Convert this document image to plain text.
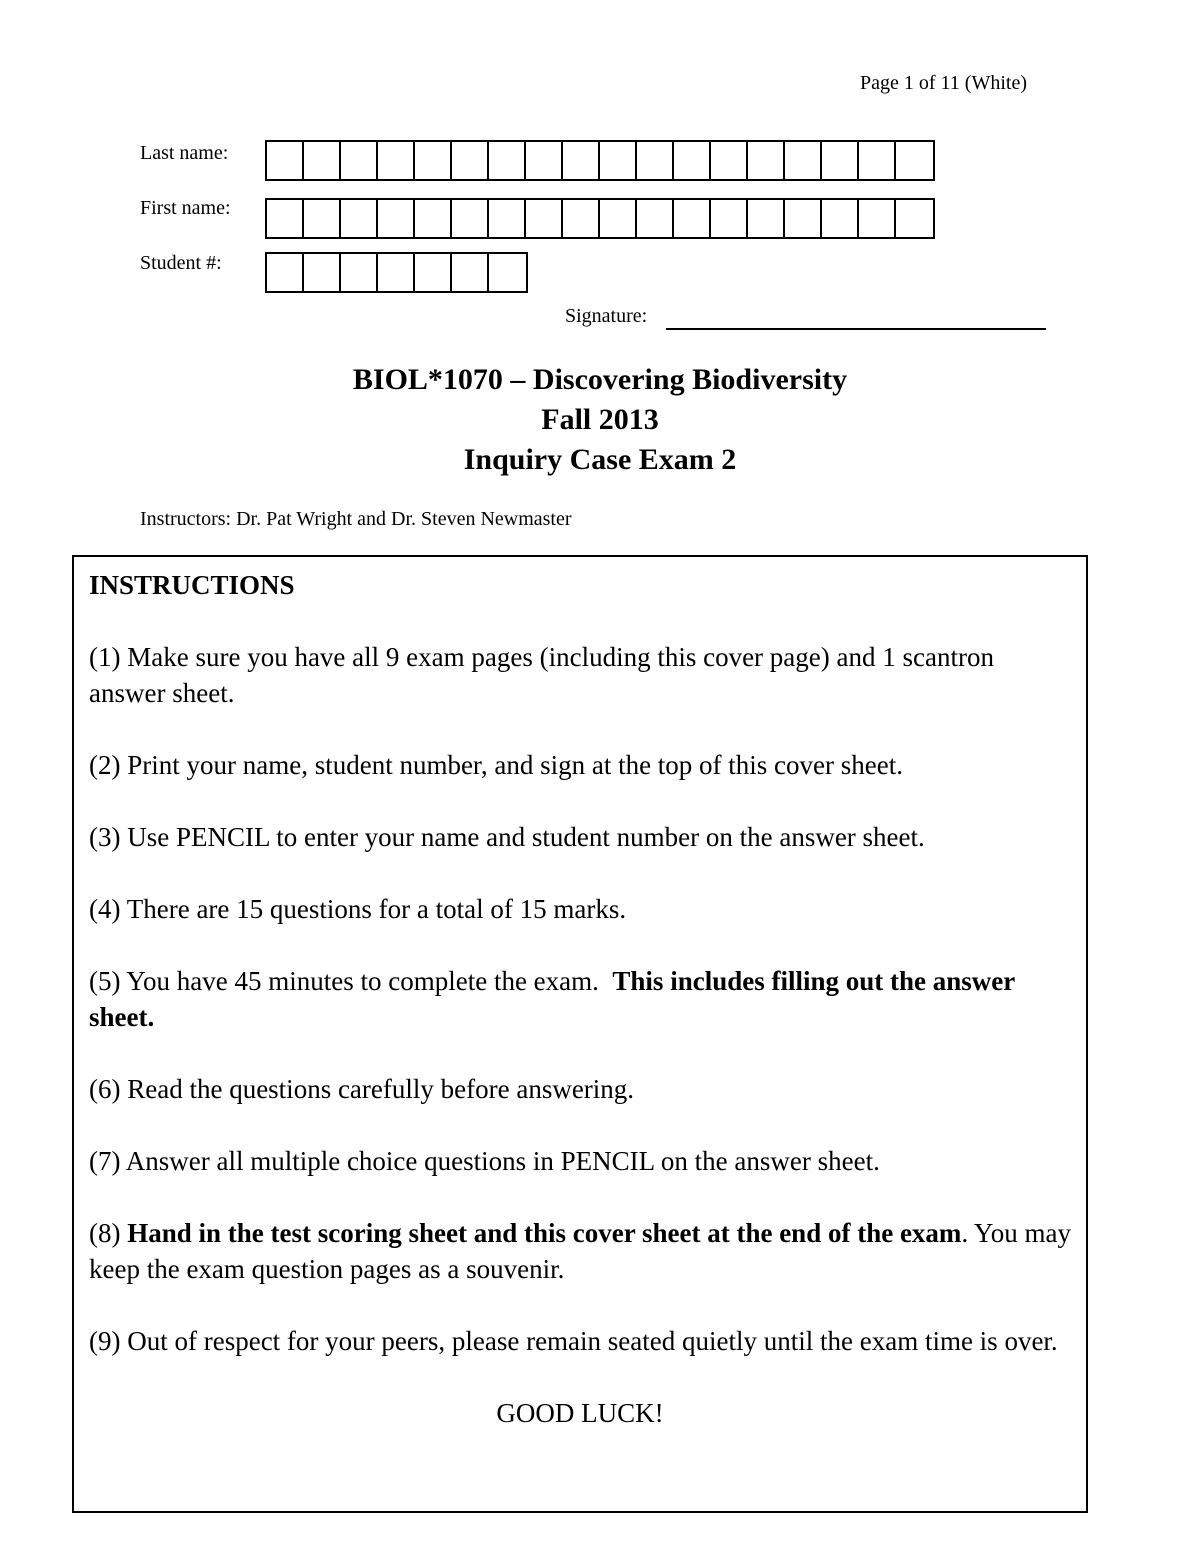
Page 1 of 11 (White)
Last name:
First name:
Student #:
Signature:
BIOL*1070 – Discovering Biodiversity
Fall 2013
Inquiry Case Exam 2
Instructors: Dr. Pat Wright and Dr. Steven Newmaster

INSTRUCTIONS

(1) Make sure you have all 9 exam pages (including this cover page) and 1 scantron answer sheet.

(2) Print your name, student number, and sign at the top of this cover sheet.

(3) Use PENCIL to enter your name and student number on the answer sheet.

(4) There are 15 questions for a total of 15 marks.

(5) You have 45 minutes to complete the exam. This includes filling out the answer sheet.

(6) Read the questions carefully before answering.

(7) Answer all multiple choice questions in PENCIL on the answer sheet.

(8) Hand in the test scoring sheet and this cover sheet at the end of the exam. You may keep the exam question pages as a souvenir.

(9) Out of respect for your peers, please remain seated quietly until the exam time is over.

GOOD LUCK!
